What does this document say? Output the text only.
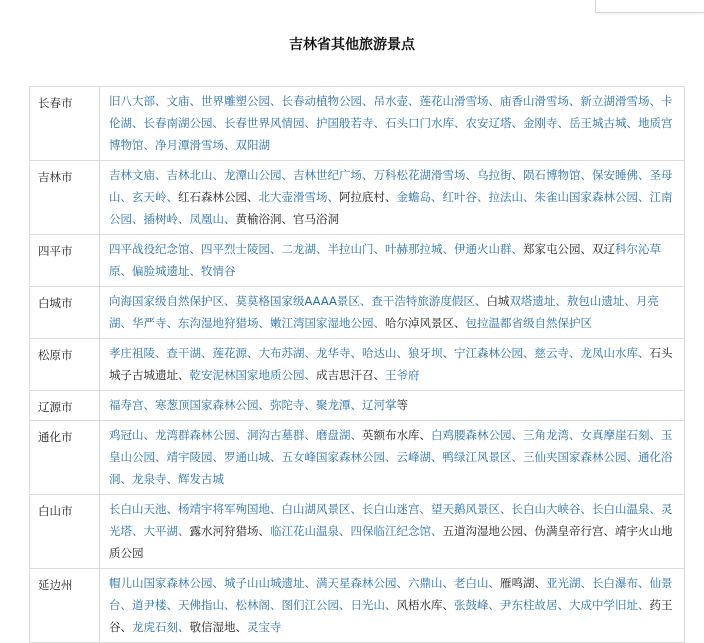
吉林省其他旅游景点
长春市	旧八大部、文庙、世界雕塑公园、长春动植物公园、吊水壶、莲花山滑雪场、庙香山滑雪场、新立湖滑雪场、卡伦湖、长春南湖公园、长春世界风情园、护国般若寺、石头口门水库、农安辽塔、金刚寺、岳王城古城、地质宫博物馆、净月潭滑雪场、双阳湖
吉林市	吉林文庙、吉林北山、龙潭山公园、吉林世纪广场、万科松花湖滑雪场、乌拉街、陨石博物馆、保安睡佛、圣母山、玄天岭、红石森林公园、北大壶滑雪场、阿拉底村、金蟾岛、红叶谷、拉法山、朱雀山国家森林公园、江南公园、插树岭、凤凰山、黄榆浴洞、官马浴洞
四平市	四平战役纪念馆、四平烈士陵园、二龙湖、半拉山门、叶赫那拉城、伊通火山群、郑家屯公园、双辽科尔沁草原、偏脸城遗址、牧情谷
白城市	向海国家级自然保护区、莫莫格国家级AAAA景区、查干浩特旅游度假区、白城双塔遗址、敖包山遗址、月亮湖、华严寺、东沟湿地狩猎场、嫩江湾国家湿地公园、哈尔淖风景区、包拉温都省级自然保护区
松原市	孝庄祖陵、查干湖、莲花源、大布苏湖、龙华寺、哈达山、狼牙坝、宁江森林公园、慈云寺、龙凤山水库、石头城子古城遗址、乾安泥林国家地质公园、成吉思汗召、王爷府
辽源市	福寿宫、寒葱顶国家森林公园、弥陀寺、聚龙潭、辽河掌等
通化市	鸡冠山、龙湾群森林公园、洞沟古墓群、磨盘湖、英额布水库、白鸡腰森林公园、三角龙湾、女真摩崖石刻、玉皇山公园、靖宇陵园、罗通山城、五女峰国家森林公园、云峰湖、鸭绿江风景区、三仙夹国家森林公园、通化浴洞、龙泉寺、辉发古城
白山市	长白山天池、杨靖宇将军殉国地、白山湖风景区、长白山迷宫、望天鹅风景区、长白山大峡谷、长白山温泉、灵光塔、大平湖、露水河狩猎场、临江花山温泉、四保临江纪念馆、五道沟湿地公园、伪满皇帝行宫、靖宇火山地质公园
延边州	帽儿山国家森林公园、城子山山城遗址、满天星森林公园、六鼎山、老白山、雁鸣湖、亚光湖、长白瀑布、仙景台、道尹楼、天佛指山、松林阁、图们江公园、日光山、风梧水库、张鼓峰、尹东柱故居、大成中学旧址、药王谷、龙虎石刻、敬信湿地、灵宝寺
